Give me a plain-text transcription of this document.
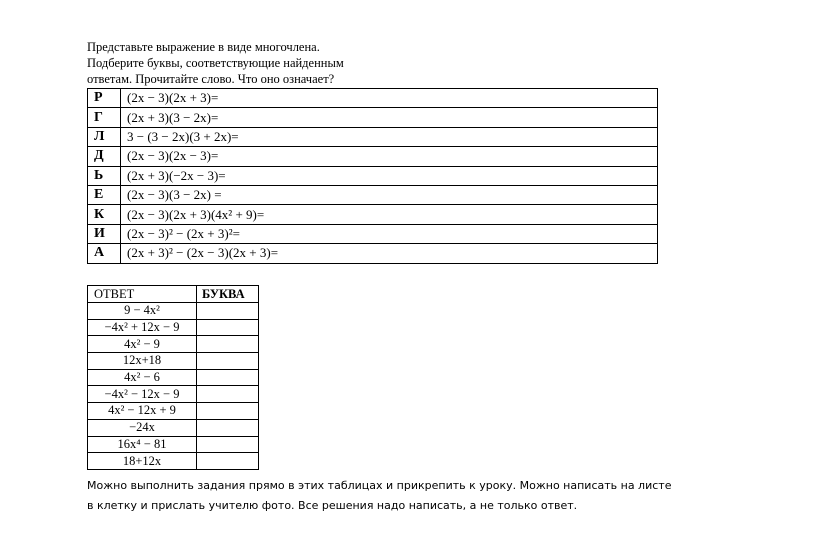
Представьте выражение в виде многочлена.
Подберите буквы, соответствующие найденным
ответам. Прочитайте слово. Что оно означает?
Р	(2x − 3)(2x + 3)=
Г	(2x + 3)(3 − 2x)=
Л	3 − (3 − 2x)(3 + 2x)=
Д	(2x − 3)(2x − 3)=
Ь	(2x + 3)(−2x − 3)=
Е	(2x − 3)(3 − 2x) =
К	(2x − 3)(2x + 3)(4x² + 9)=
И	(2x − 3)² − (2x + 3)²=
А	(2x + 3)² − (2x − 3)(2x + 3)=
ОТВЕТ	БУКВА
9 − 4x²	
−4x² + 12x − 9	
4x² − 9	
12x+18	
4x² − 6	
−4x² − 12x − 9	
4x² − 12x + 9	
−24x	
16x⁴ − 81	
18+12x	
Можно выполнить задания прямо в этих таблицах и прикрепить к уроку. Можно написать на листе
в клетку и прислать учителю фото. Все решения надо написать, а не только ответ.
